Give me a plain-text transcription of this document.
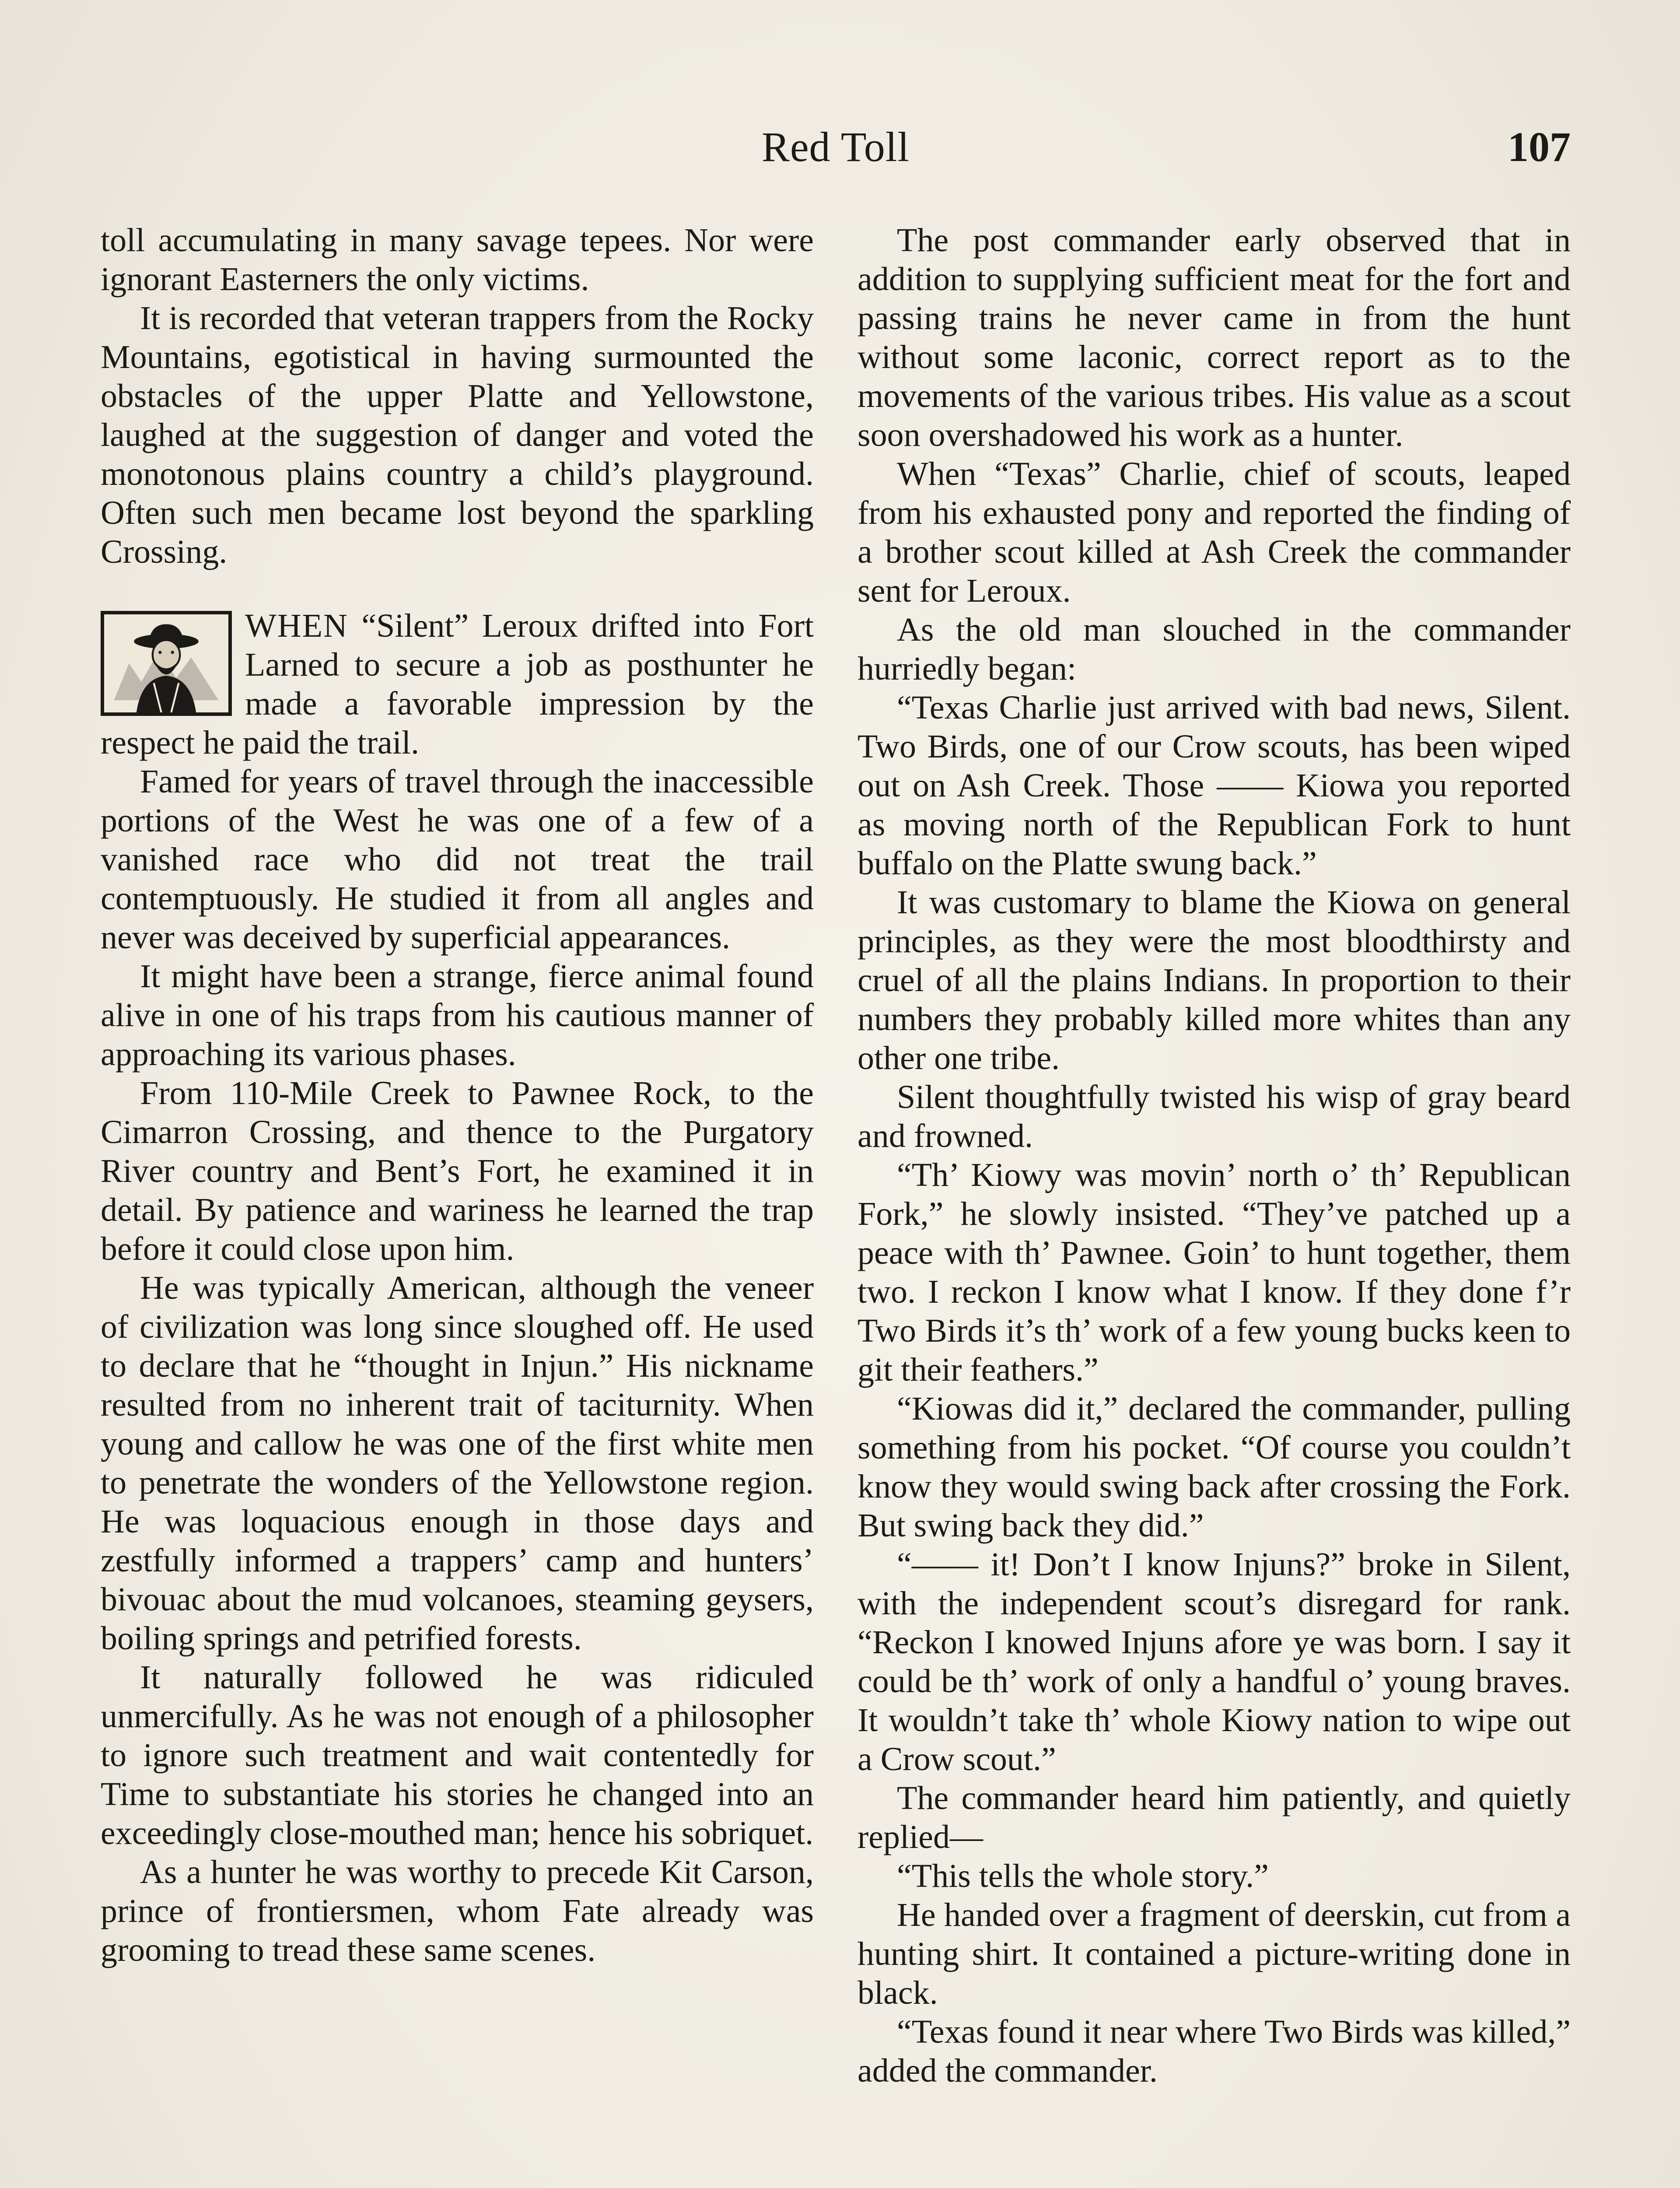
Red Toll	107

toll accumulating in many savage tepees. Nor were ignorant Easterners the only victims.

It is recorded that veteran trappers from the Rocky Mountains, egotistical in having surmounted the obstacles of the upper Platte and Yellowstone, laughed at the suggestion of danger and voted the monotonous plains country a child’s playground. Often such men became lost beyond the sparkling Crossing.

WHEN “Silent” Leroux drifted into Fort Larned to secure a job as posthunter he made a favorable impression by the respect he paid the trail.

Famed for years of travel through the inaccessible portions of the West he was one of a few of a vanished race who did not treat the trail contemptuously. He studied it from all angles and never was deceived by superficial appearances.

It might have been a strange, fierce animal found alive in one of his traps from his cautious manner of approaching its various phases.

From 110-Mile Creek to Pawnee Rock, to the Cimarron Crossing, and thence to the Purgatory River country and Bent’s Fort, he examined it in detail. By patience and wariness he learned the trap before it could close upon him.

He was typically American, although the veneer of civilization was long since sloughed off. He used to declare that he “thought in Injun.” His nickname resulted from no inherent trait of taciturnity. When young and callow he was one of the first white men to penetrate the wonders of the Yellowstone region. He was loquacious enough in those days and zestfully informed a trappers’ camp and hunters’ bivouac about the mud volcanoes, steaming geysers, boiling springs and petrified forests.

It naturally followed he was ridiculed unmercifully. As he was not enough of a philosopher to ignore such treatment and wait contentedly for Time to substantiate his stories he changed into an exceedingly close-mouthed man; hence his sobriquet.

As a hunter he was worthy to precede Kit Carson, prince of frontiersmen, whom Fate already was grooming to tread these same scenes.

The post commander early observed that in addition to supplying sufficient meat for the fort and passing trains he never came in from the hunt without some laconic, correct report as to the movements of the various tribes. His value as a scout soon overshadowed his work as a hunter.

When “Texas” Charlie, chief of scouts, leaped from his exhausted pony and reported the finding of a brother scout killed at Ash Creek the commander sent for Leroux.

As the old man slouched in the commander hurriedly began:

“Texas Charlie just arrived with bad news, Silent. Two Birds, one of our Crow scouts, has been wiped out on Ash Creek. Those —— Kiowa you reported as moving north of the Republican Fork to hunt buffalo on the Platte swung back.”

It was customary to blame the Kiowa on general principles, as they were the most bloodthirsty and cruel of all the plains Indians. In proportion to their numbers they probably killed more whites than any other one tribe.

Silent thoughtfully twisted his wisp of gray beard and frowned.

“Th’ Kiowy was movin’ north o’ th’ Republican Fork,” he slowly insisted. “They’ve patched up a peace with th’ Pawnee. Goin’ to hunt together, them two. I reckon I know what I know. If they done f’r Two Birds it’s th’ work of a few young bucks keen to git their feathers.”

“Kiowas did it,” declared the commander, pulling something from his pocket. “Of course you couldn’t know they would swing back after crossing the Fork. But swing back they did.”

“—— it! Don’t I know Injuns?” broke in Silent, with the independent scout’s disregard for rank. “Reckon I knowed Injuns afore ye was born. I say it could be th’ work of only a handful o’ young braves. It wouldn’t take th’ whole Kiowy nation to wipe out a Crow scout.”

The commander heard him patiently, and quietly replied—

“This tells the whole story.”

He handed over a fragment of deerskin, cut from a hunting shirt. It contained a picture-writing done in black.

“Texas found it near where Two Birds was killed,” added the commander.
